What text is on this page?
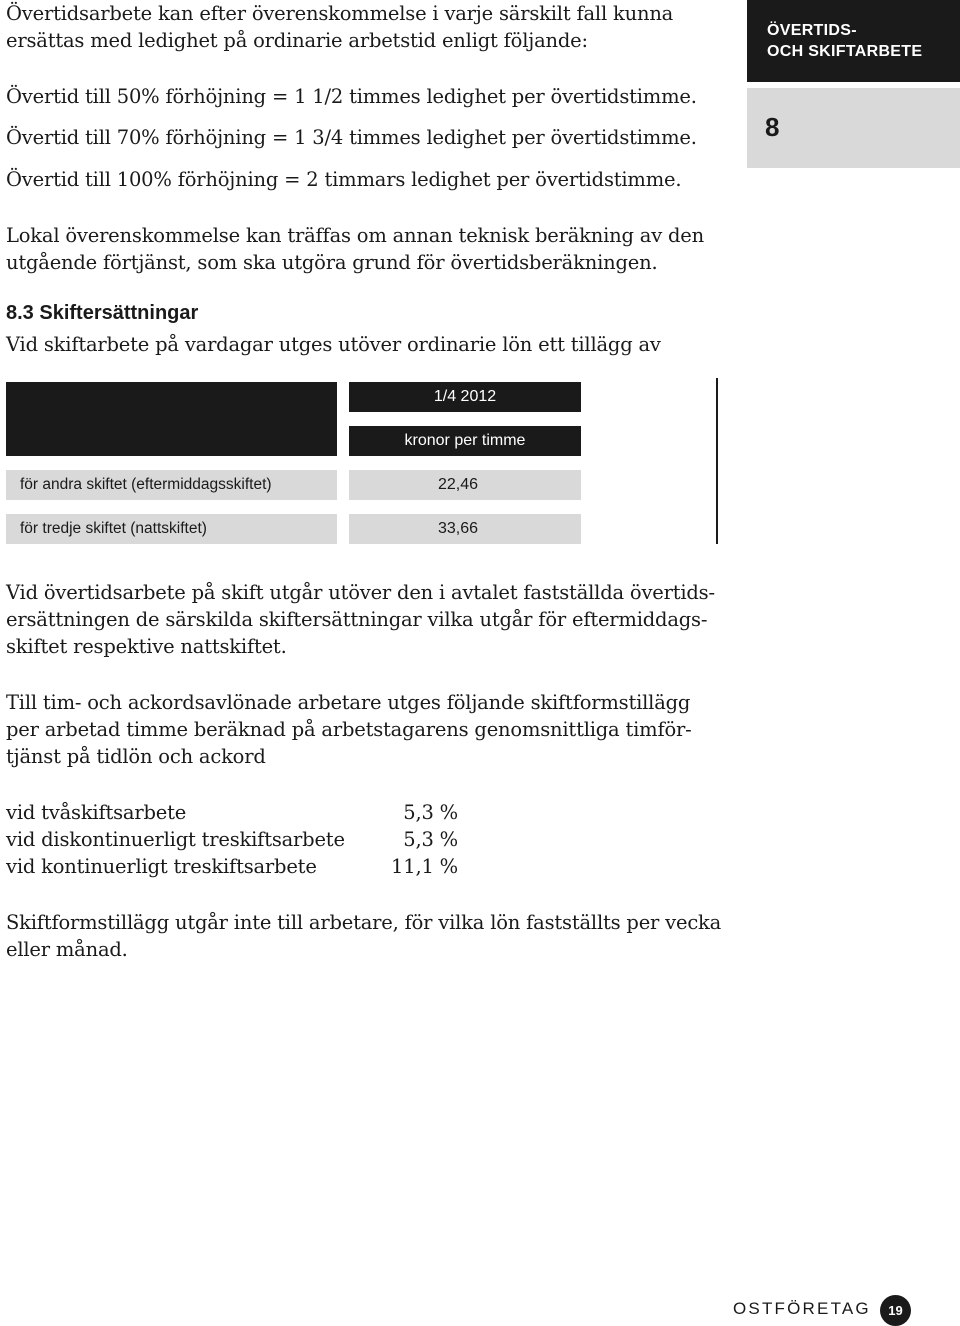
Övertidsarbete kan efter överenskommelse i varje särskilt fall kunna
ersättas med ledighet på ordinarie arbetstid enligt följande:
Övertid till 50% förhöjning = 1 1/2 timmes ledighet per övertidstimme.
Övertid till 70% förhöjning = 1 3/4 timmes ledighet per övertidstimme.
Övertid till 100% förhöjning = 2 timmars ledighet per övertidstimme.
Lokal överenskommelse kan träffas om annan teknisk beräkning av den
utgående förtjänst, som ska utgöra grund för övertidsberäkningen.
ÖVERTIDS-
OCH SKIFTARBETE
8
8.3 Skiftersättningar
Vid skiftarbete på vardagar utges utöver ordinarie lön ett tillägg av
1/4 2012
kronor per timme
för andra skiftet (eftermiddagsskiftet)	22,46
för tredje skiftet (nattskiftet)	33,66
Vid övertidsarbete på skift utgår utöver den i avtalet fastställda övertids-
ersättningen de särskilda skiftersättningar vilka utgår för eftermiddags-
skiftet respektive nattskiftet.
Till tim- och ackordsavlönade arbetare utges följande skiftformstillägg
per arbetad timme beräknad på arbetstagarens genomsnittliga timför-
tjänst på tidlön och ackord
vid tvåskiftsarbete	5,3 %
vid diskontinuerligt treskiftsarbete	5,3 %
vid kontinuerligt treskiftsarbete	11,1 %
Skiftformstillägg utgår inte till arbetare, för vilka lön fastställts per vecka
eller månad.
OSTFÖRETAG	19
